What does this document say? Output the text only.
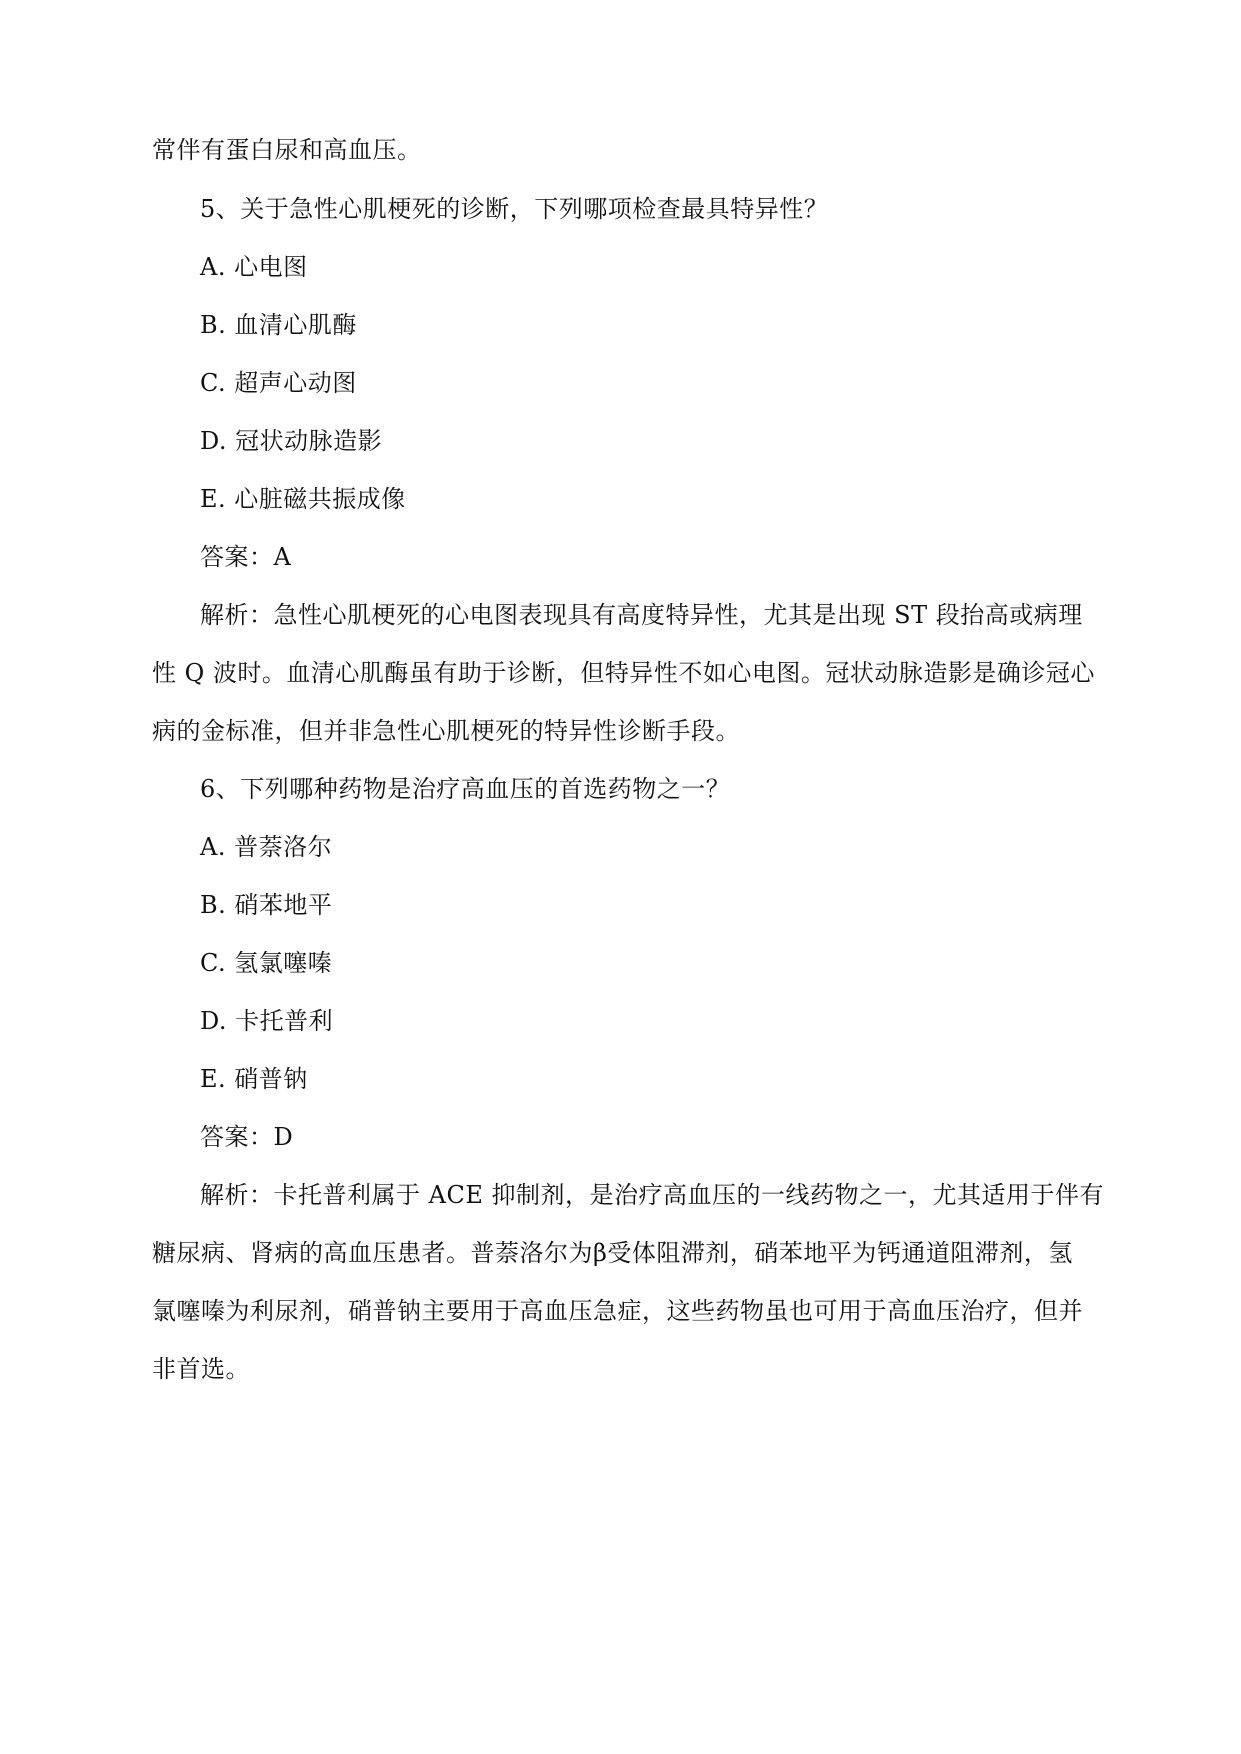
常伴有蛋白尿和高血压。
5、关于急性心肌梗死的诊断，下列哪项检查最具特异性？
A. 心电图
B. 血清心肌酶
C. 超声心动图
D. 冠状动脉造影
E. 心脏磁共振成像
答案：A
解析：急性心肌梗死的心电图表现具有高度特异性，尤其是出现 ST 段抬高或病理
性 Q 波时。血清心肌酶虽有助于诊断，但特异性不如心电图。冠状动脉造影是确诊冠心
病的金标准，但并非急性心肌梗死的特异性诊断手段。
6、下列哪种药物是治疗高血压的首选药物之一？
A. 普萘洛尔
B. 硝苯地平
C. 氢氯噻嗪
D. 卡托普利
E. 硝普钠
答案：D
解析：卡托普利属于 ACE 抑制剂，是治疗高血压的一线药物之一，尤其适用于伴有
糖尿病、肾病的高血压患者。普萘洛尔为β受体阻滞剂，硝苯地平为钙通道阻滞剂，氢
氯噻嗪为利尿剂，硝普钠主要用于高血压急症，这些药物虽也可用于高血压治疗，但并
非首选。
